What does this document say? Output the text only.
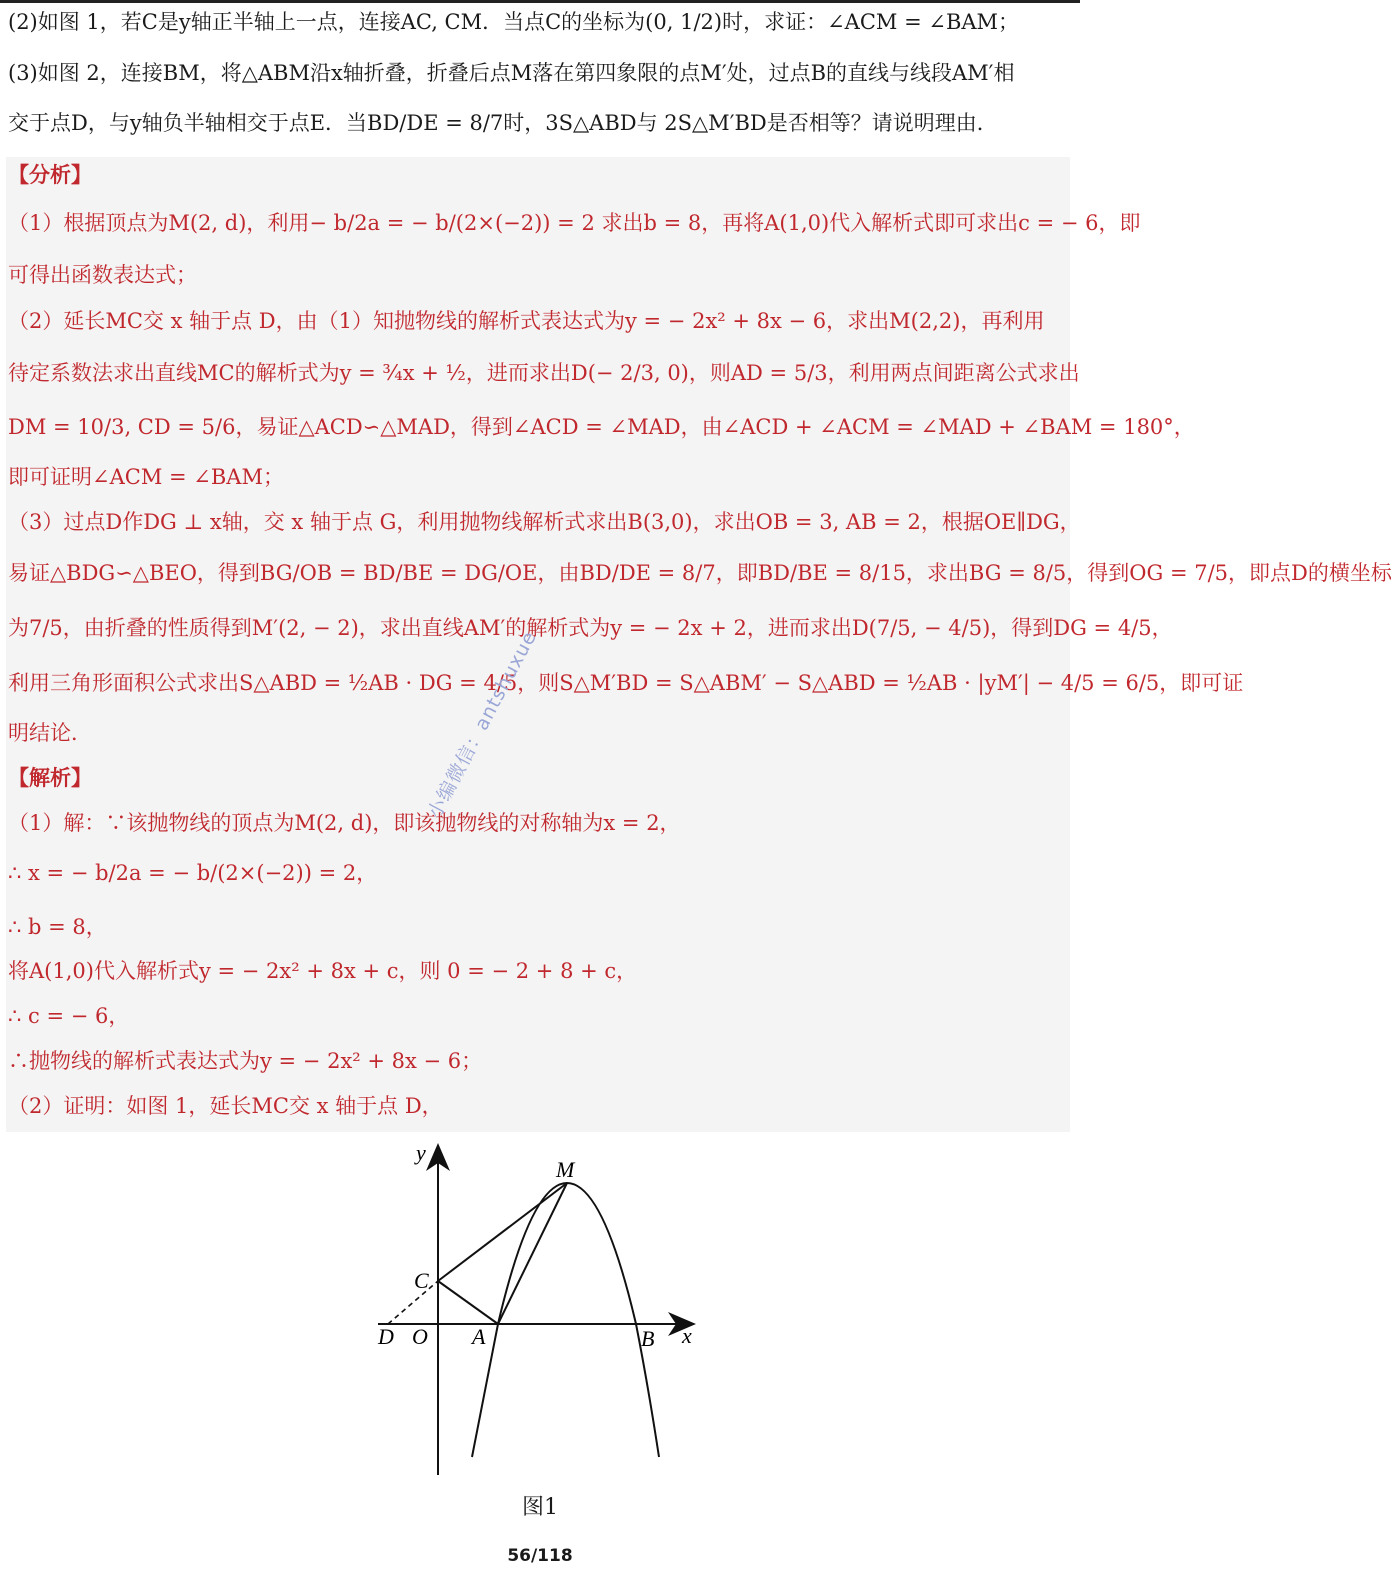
(2)如图 1，若C是y轴正半轴上一点，连接AC, CM．当点C的坐标为(0, 1/2)时，求证：∠ACM = ∠BAM；
(3)如图 2，连接BM，将△ABM沿x轴折叠，折叠后点M落在第四象限的点M′处，过点B的直线与线段AM′相
交于点D，与y轴负半轴相交于点E．当BD/DE = 8/7时，3S△ABD与 2S△M′BD是否相等？请说明理由．
【分析】
（1）根据顶点为M(2, d)，利用− b/2a = − b/(2×(−2)) = 2 求出b = 8，再将A(1,0)代入解析式即可求出c = − 6，即
可得出函数表达式；
（2）延长MC交 x 轴于点 D，由（1）知抛物线的解析式表达式为y = − 2x² + 8x − 6，求出M(2,2)，再利用
待定系数法求出直线MC的解析式为y = ¾x + ½，进而求出D(− 2/3, 0)，则AD = 5/3，利用两点间距离公式求出
DM = 10/3, CD = 5/6，易证△ACD∽△MAD，得到∠ACD = ∠MAD，由∠ACD + ∠ACM = ∠MAD + ∠BAM = 180°，
即可证明∠ACM = ∠BAM；
（3）过点D作DG ⊥ x轴，交 x 轴于点 G，利用抛物线解析式求出B(3,0)，求出OB = 3, AB = 2，根据OE∥DG，
易证△BDG∽△BEO，得到BG/OB = BD/BE = DG/OE，由BD/DE = 8/7，即BD/BE = 8/15，求出BG = 8/5，得到OG = 7/5，即点D的横坐标
为7/5，由折叠的性质得到M′(2, − 2)，求出直线AM′的解析式为y = − 2x + 2，进而求出D(7/5, − 4/5)，得到DG = 4/5，
利用三角形面积公式求出S△ABD = ½AB · DG = 4/5，则S△M′BD = S△ABM′ − S△ABD = ½AB · |yM′| − 4/5 = 6/5，即可证
明结论．
【解析】
（1）解：∵该抛物线的顶点为M(2, d)，即该抛物线的对称轴为x = 2，
∴ x = − b/2a = − b/(2×(−2)) = 2，
∴ b = 8，
将A(1,0)代入解析式y = − 2x² + 8x + c，则 0 = − 2 + 8 + c，
∴ c = − 6，
∴抛物线的解析式表达式为y = − 2x² + 8x − 6；
（2）证明：如图 1，延长MC交 x 轴于点 D，
小编微信：antshuxue
y
x
M
C
D O A	B
图1
56/118
